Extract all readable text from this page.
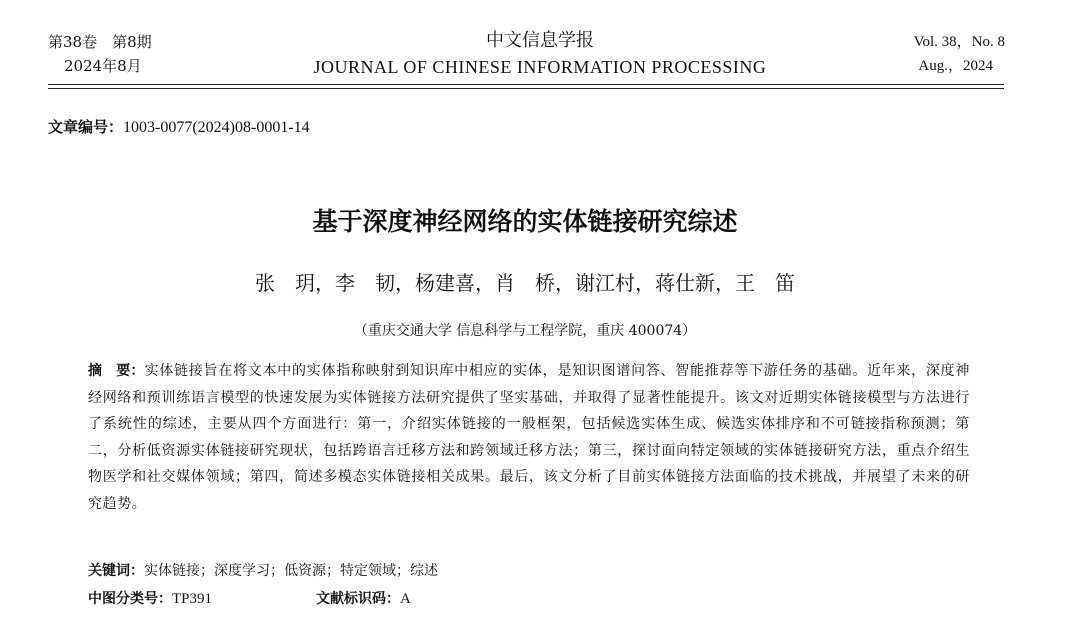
第38卷　第8期
2024年8月
中文信息学报
JOURNAL OF CHINESE INFORMATION PROCESSING
Vol. 38，No. 8
Aug.，2024
文章编号：1003-0077(2024)08-0001-14
基于深度神经网络的实体链接研究综述
张　玥，李　韧，杨建喜，肖　桥，谢江村，蒋仕新，王　笛
（重庆交通大学 信息科学与工程学院，重庆 400074）
摘　要：实体链接旨在将文本中的实体指称映射到知识库中相应的实体，是知识图谱问答、智能推荐等下游任务的基础。近年来，深度神经网络和预训练语言模型的快速发展为实体链接方法研究提供了坚实基础，并取得了显著性能提升。该文对近期实体链接模型与方法进行了系统性的综述，主要从四个方面进行：第一，介绍实体链接的一般框架，包括候选实体生成、候选实体排序和不可链接指称预测；第二，分析低资源实体链接研究现状，包括跨语言迁移方法和跨领域迁移方法；第三，探讨面向特定领域的实体链接研究方法，重点介绍生物医学和社交媒体领域；第四，简述多模态实体链接相关成果。最后，该文分析了目前实体链接方法面临的技术挑战，并展望了未来的研究趋势。
关键词：实体链接；深度学习；低资源；特定领域；综述
中图分类号：TP391	文献标识码：A
